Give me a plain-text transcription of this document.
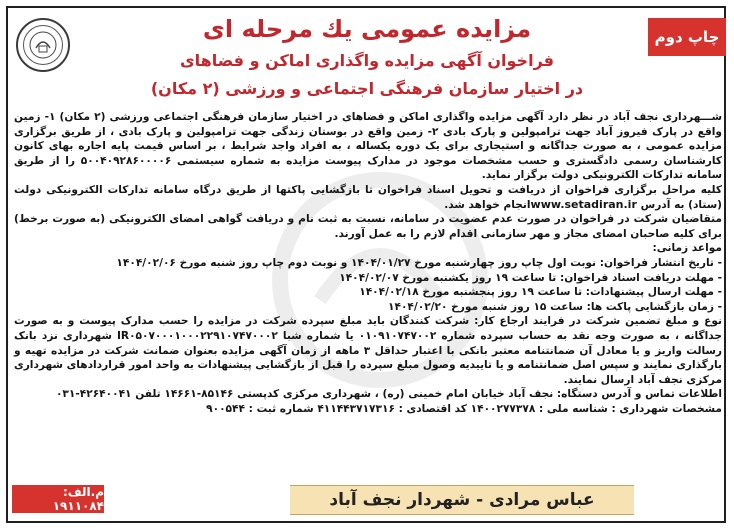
چاپ دوم
مزایده عمومی یك مرحله ای
فراخوان آگهی مزایده واگذاری اماکن و فضاهای
در اختیار سازمان فرهنگی اجتماعی و ورزشی (۲ مکان)

شـــهرداری نجف آباد در نظر دارد آگهی مزایده واگذاری اماکن و فضاهای در اختیار سازمان فرهنگی اجتماعی ورزشی (۲ مکان) ۱- زمین واقع در پارک فیروز آباد جهت ترامپولین و پارک بادی ۲- زمین واقع در بوستان زندگی جهت ترامپولین و پارک بادی ، از طریق برگزاری مزایده عمومی ، به صورت جداگانه و استیجاری برای یک دوره یکساله ، به افراد واجد شرایط ، بر اساس قیمت پایه اجاره بهای کانون کارشناسان رسمی دادگستری و حسب مشخصات موجود در مدارک پیوست مزایده به شماره سیستمی ۵۰۰۴۰۹۲۸۶۰۰۰۰۶ را از طریق سامانه تدارکات الکترونیکی دولت برگزار نماید.

کلیه مراحل برگزاری فراخوان از دریافت و تحویل اسناد فراخوان تا بازگشایی پاکتها از طریق درگاه سامانه تدارکات الکترونیکی دولت (ستاد) به آدرس www.setadiran.irانجام خواهد شد.

متقاضیان شرکت در فراخوان در صورت عدم عضویت در سامانه، نسبت به ثبت نام و دریافت گواهی امضای الکترونیکی (به صورت برخط) برای کلیه صاحبان امضای مجاز و مهر سازمانی اقدام لازم را به عمل آورند.

مواعد زمانی:

- تاریخ انتشار فراخوان: نوبت اول چاپ روز چهارشنبه مورخ ۱۴۰۴/۰۱/۲۷ و نوبت دوم چاپ روز شنبه مورخ ۱۴۰۴/۰۲/۰۶

- مهلت دریافت اسناد فراخوان: تا ساعت ۱۹ روز یکشنبه مورخ ۱۴۰۴/۰۲/۰۷

- مهلت ارسال پیشنهادات: تا ساعت ۱۹ روز پنجشنبه مورخ ۱۴۰۴/۰۲/۱۸

- زمان بازگشایی پاکت ها: ساعت ۱۵ روز شنبه مورخ ۱۴۰۴/۰۲/۲۰

نوع و مبلغ تضمین شرکت در فرایند ارجاع کار: شرکت کنندگان باید مبلغ سپرده شرکت در مزایده را حسب مدارک پیوست و به صورت جداگانه ، به صورت وجه نقد به حساب سپرده شماره ۰۱۰۹۱۰۷۴۷۰۰۲ یا شماره شبا IR۰۵۰۷۰۰۰۱۰۰۰۲۲۹۱۰۷۴۷۰۰۰۲ شهرداری نزد بانک رسالت واریز و یا معادل آن ضمانتنامه معتبر بانکی با اعتبار حداقل ۳ ماهه از زمان آگهی مزایده بعنوان ضمانت شرکت در مزایده تهیه و بارگذاری نمایند و سپس اصل ضمانتنامه و یا تاییدیه وصول مبلغ سپرده را قبل از بازگشایی پیشنهادات به واحد امور قراردادهای شهرداری مرکزی نجف آباد ارسال نمایند.

اطلاعات تماس و آدرس دستگاه: نجف آباد خیابان امام خمینی (ره) ، شهرداری مرکزی کدپستی ۸۵۱۴۶-۱۴۶۶۱ تلفن ۴۲۶۴۰۰۴۱-۰۳۱

مشخصات شهرداری : شناسه ملی : ۱۴۰۰۲۷۷۳۷۸ کد اقتصادی : ۴۱۱۴۴۳۷۱۷۳۱۶ شماره ثبت : ۹۰۰۵۴۴

عباس مرادی - شهردار نجف آباد
م.الف: ۱۹۱۱۰۸۴
